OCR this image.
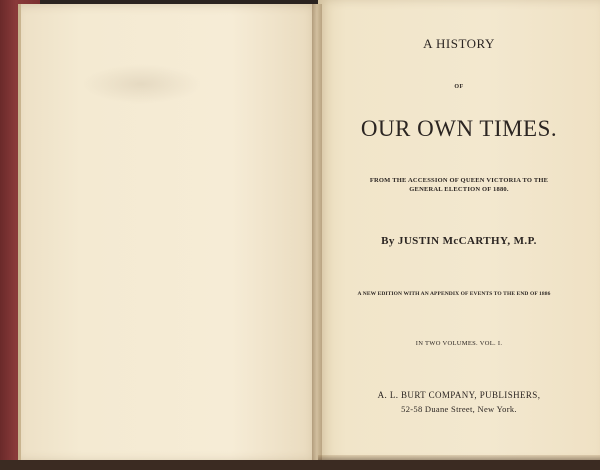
A HISTORY
OF
OUR OWN TIMES.
FROM THE ACCESSION OF QUEEN VICTORIA TO THE
GENERAL ELECTION OF 1880.
By JUSTIN McCARTHY, M.P.
A NEW EDITION WITH AN APPENDIX OF EVENTS TO THE END OF 1886
IN TWO VOLUMES. VOL. I.
A. L. BURT COMPANY, PUBLISHERS,
52-58 Duane Street, New York.
